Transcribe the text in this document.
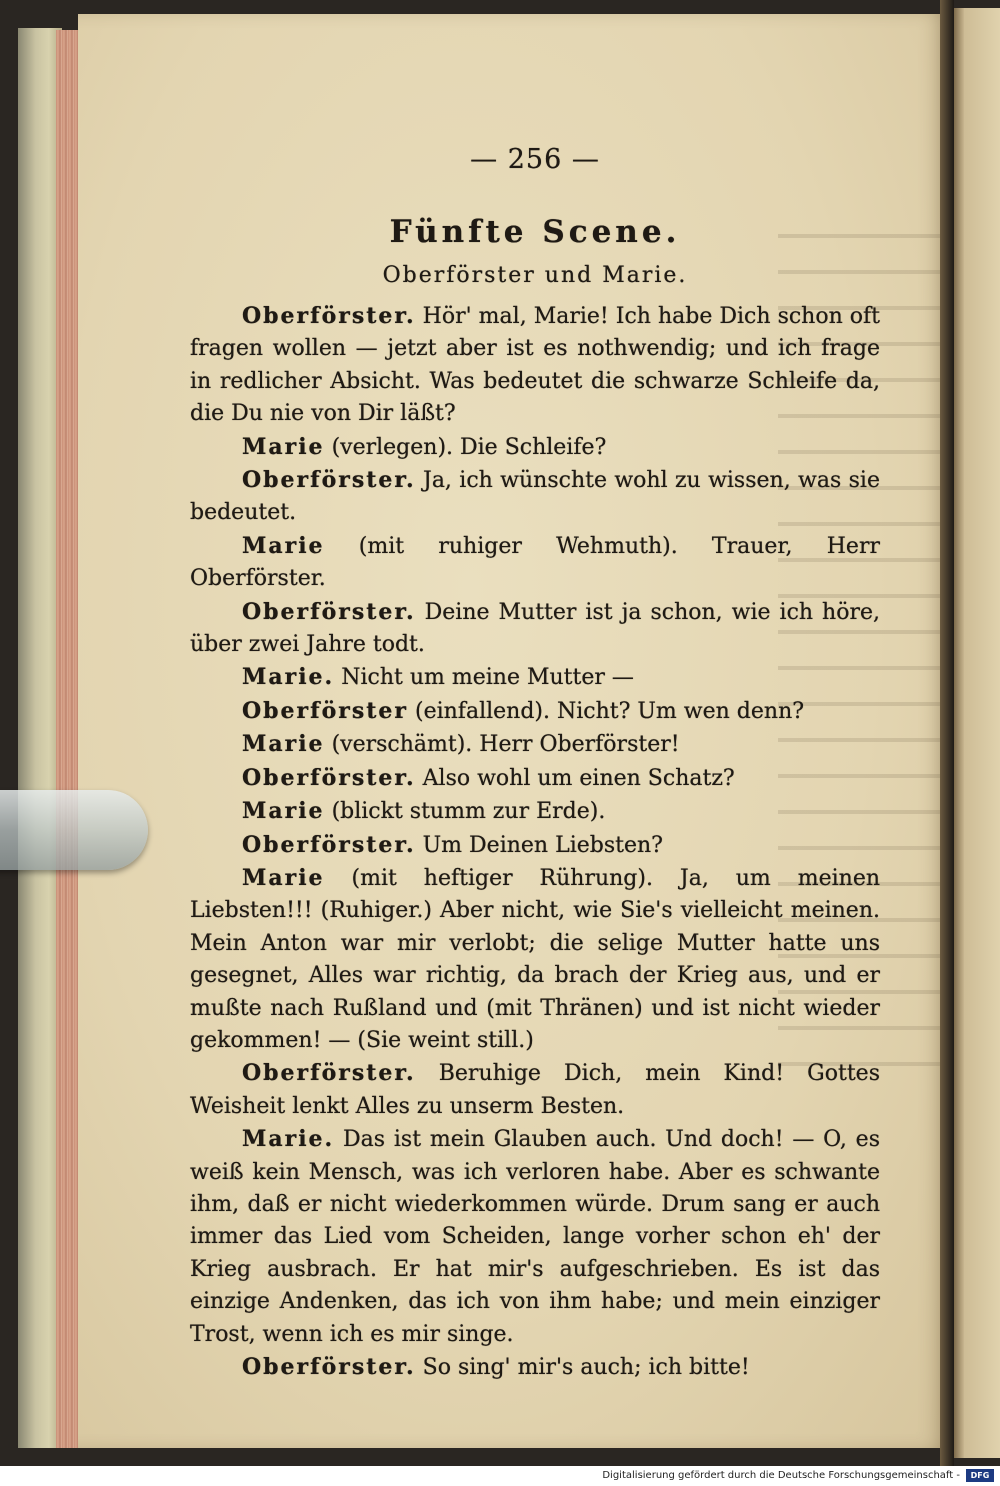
— 256 —
Fünfte Scene.
Oberförster und Marie.

Oberförster. Hör' mal, Marie! Ich habe Dich schon oft fragen wollen — jetzt aber ist es nothwendig; und ich frage in redlicher Absicht. Was bedeutet die schwarze Schleife da, die Du nie von Dir läßt?

Marie (verlegen). Die Schleife?

Oberförster. Ja, ich wünschte wohl zu wissen, was sie bedeutet.

Marie (mit ruhiger Wehmuth). Trauer, Herr Oberförster.

Oberförster. Deine Mutter ist ja schon, wie ich höre, über zwei Jahre todt.

Marie. Nicht um meine Mutter —

Oberförster (einfallend). Nicht? Um wen denn?

Marie (verschämt). Herr Oberförster!

Oberförster. Also wohl um einen Schatz?

Marie (blickt stumm zur Erde).

Oberförster. Um Deinen Liebsten?

Marie (mit heftiger Rührung). Ja, um meinen Liebsten!!! (Ruhiger.) Aber nicht, wie Sie's vielleicht meinen. Mein Anton war mir verlobt; die selige Mutter hatte uns gesegnet, Alles war richtig, da brach der Krieg aus, und er mußte nach Rußland und (mit Thränen) und ist nicht wieder gekommen! — (Sie weint still.)

Oberförster. Beruhige Dich, mein Kind! Gottes Weisheit lenkt Alles zu unserm Besten.

Marie. Das ist mein Glauben auch. Und doch! — O, es weiß kein Mensch, was ich verloren habe. Aber es schwante ihm, daß er nicht wiederkommen würde. Drum sang er auch immer das Lied vom Scheiden, lange vorher schon eh' der Krieg ausbrach. Er hat mir's aufgeschrieben. Es ist das einzige Andenken, das ich von ihm habe; und mein einziger Trost, wenn ich es mir singe.

Oberförster. So sing' mir's auch; ich bitte!

Digitalisierung gefördert durch die Deutsche Forschungsgemeinschaft -	DFG
